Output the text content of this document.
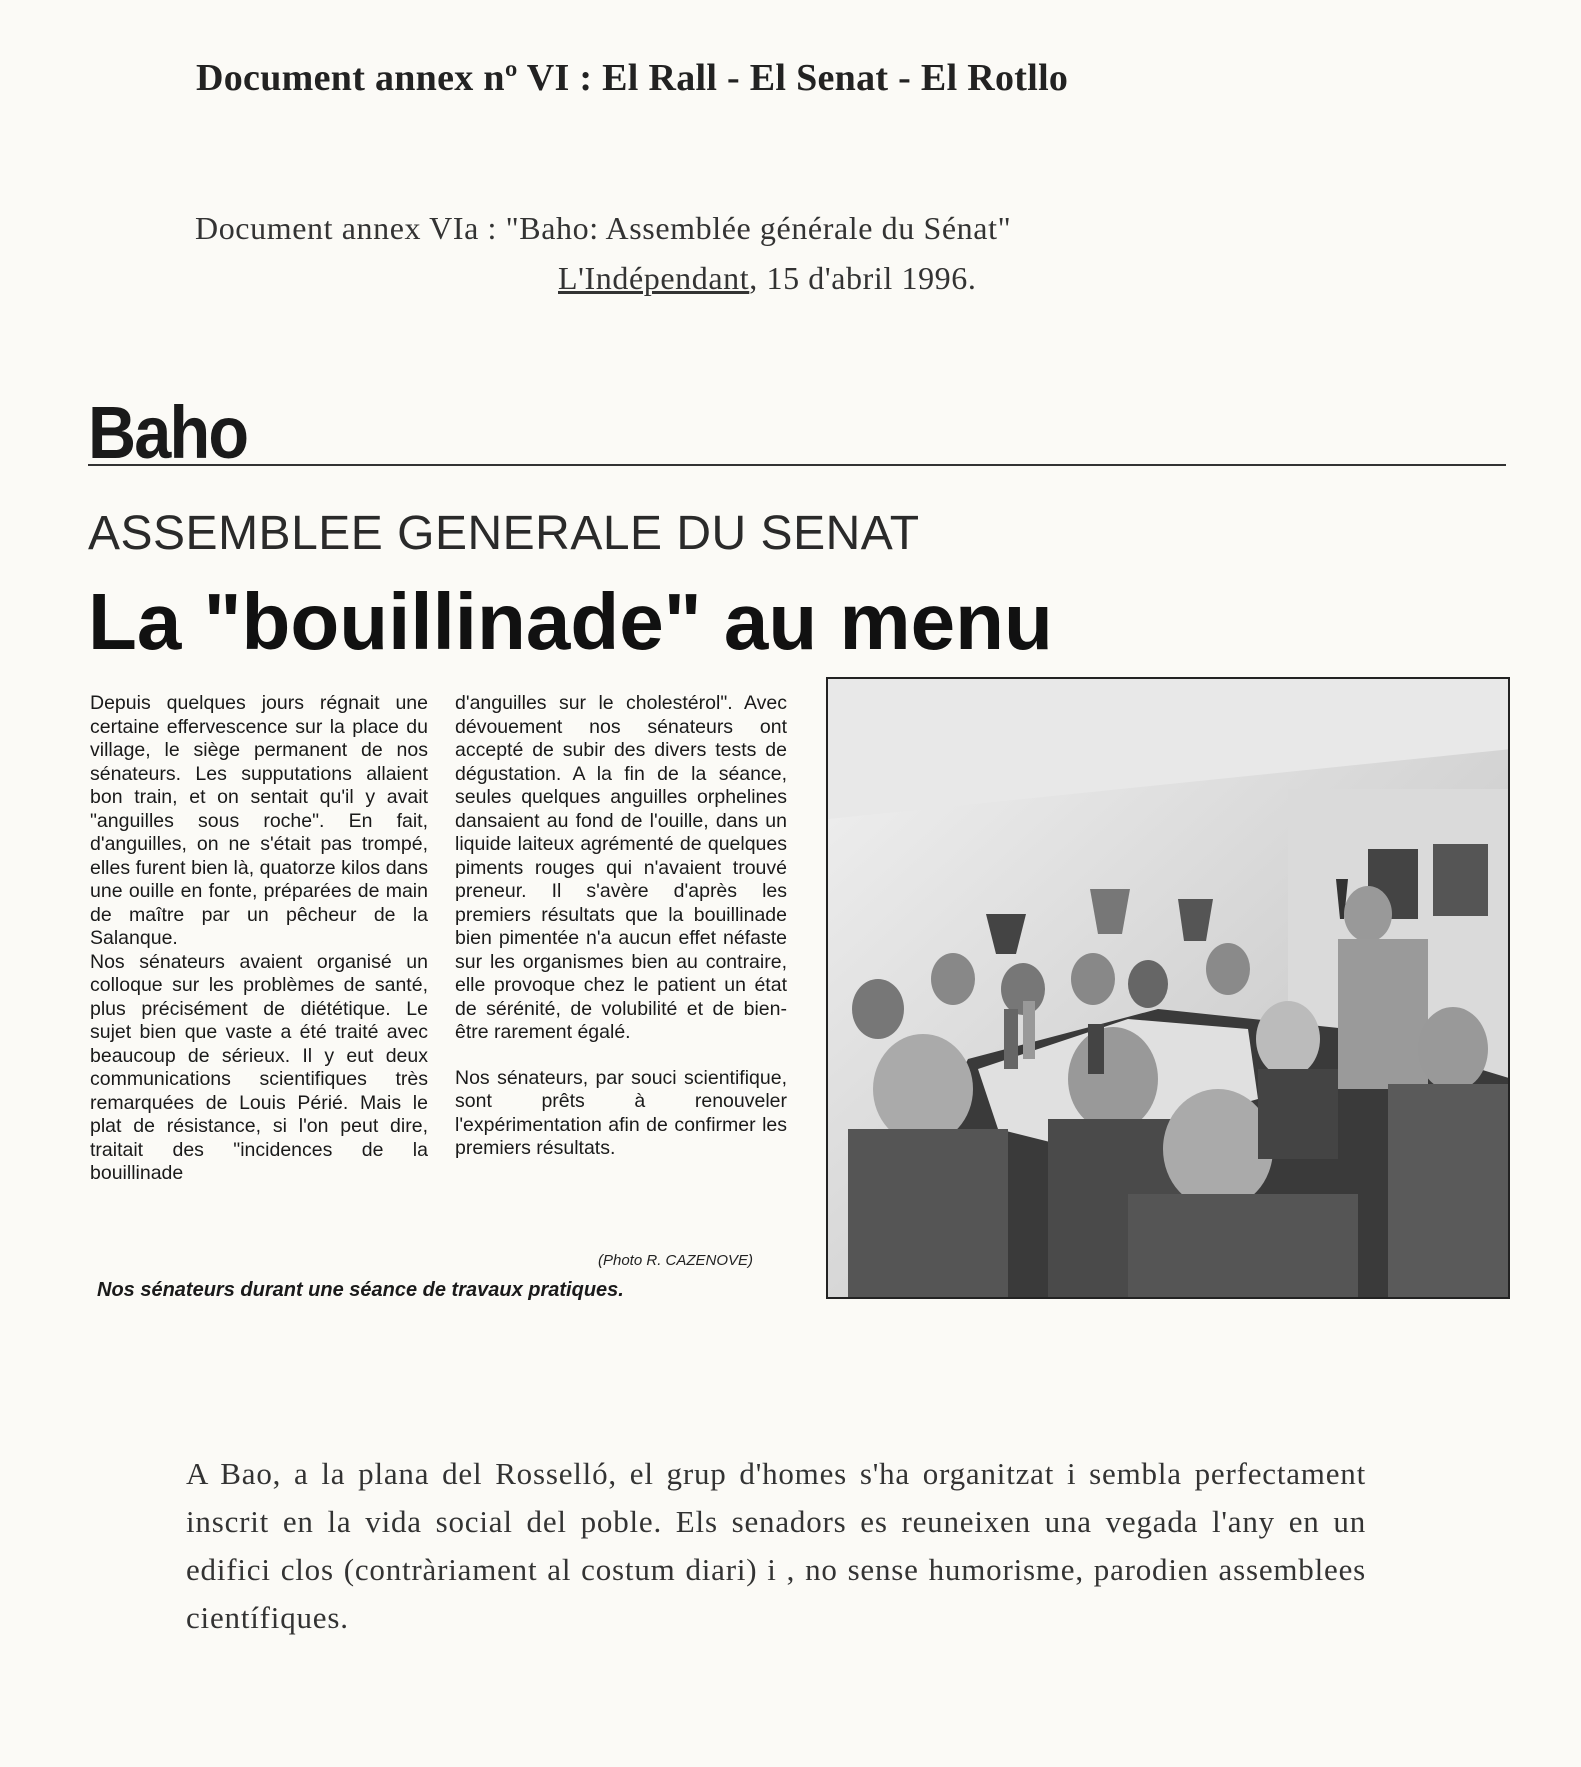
Document annex nº VI : El Rall - El Senat - El Rotllo
Document annex VIa : "Baho: Assemblée générale du Sénat"
L'Indépendant, 15 d'abril 1996.
Baho
ASSEMBLEE GENERALE DU SENAT
La "bouillinade" au menu

Depuis quelques jours régnait une certaine effervescence sur la place du village, le siège permanent de nos sénateurs. Les supputations allaient bon train, et on sentait qu'il y avait "anguilles sous roche". En fait, d'anguilles, on ne s'était pas trompé, elles furent bien là, quatorze kilos dans une ouille en fonte, préparées de main de maître par un pêcheur de la Salanque.

Nos sénateurs avaient organisé un colloque sur les problèmes de santé, plus précisément de diététique. Le sujet bien que vaste a été traité avec beaucoup de sérieux. Il y eut deux communications scientifiques très remarquées de Louis Périé. Mais le plat de résistance, si l'on peut dire, traitait des "incidences de la bouillinade

d'anguilles sur le cholestérol". Avec dévouement nos sénateurs ont accepté de subir des divers tests de dégustation. A la fin de la séance, seules quelques anguilles orphelines dansaient au fond de l'ouille, dans un liquide laiteux agrémenté de quelques piments rouges qui n'avaient trouvé preneur. Il s'avère d'après les premiers résultats que la bouillinade bien pimentée n'a aucun effet néfaste sur les organismes bien au contraire, elle provoque chez le patient un état de sérénité, de volubilité et de bien-être rarement égalé.

Nos sénateurs, par souci scientifique, sont prêts à renouveler l'expérimentation afin de confirmer les premiers résultats.

(Photo R. CAZENOVE)
Nos sénateurs durant une séance de travaux pratiques.
A Bao, a la plana del Rosselló, el grup d'homes s'ha organitzat i sembla perfectament inscrit en la vida social del poble. Els senadors es reuneixen una vegada l'any en un edifici clos (contràriament al costum diari) i , no sense humorisme, parodien assemblees científiques.
